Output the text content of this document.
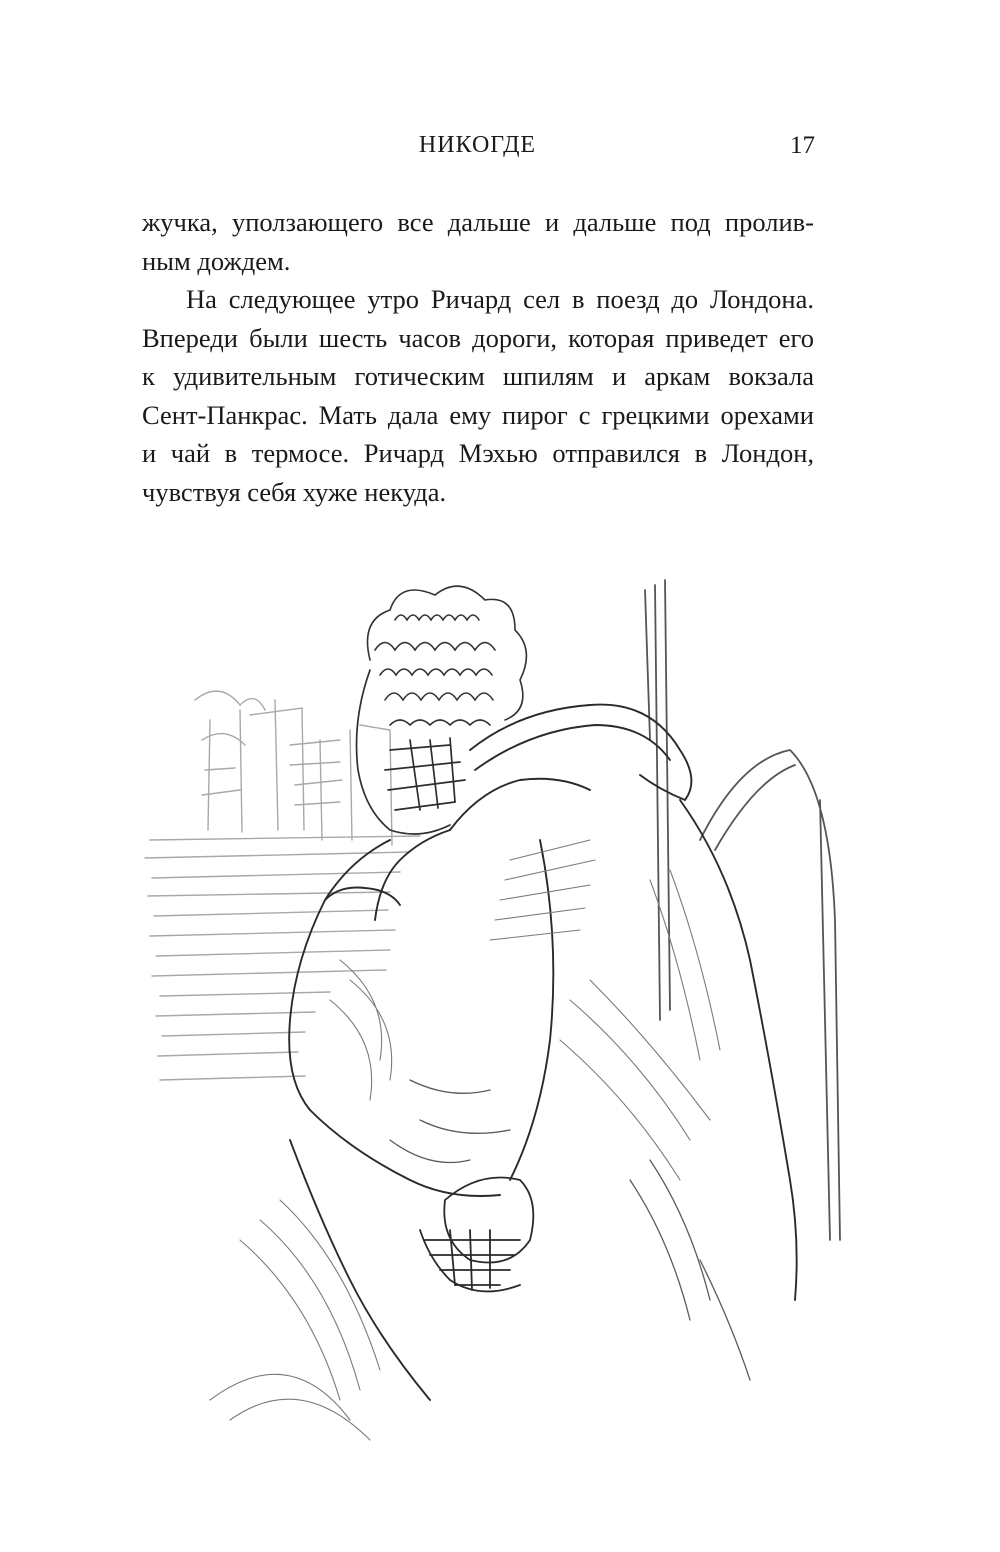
НИКОГДЕ	17

жучка, уползающего все дальше и дальше под пролив-
ным дождем.

На следующее утро Ричард сел в поезд до Лондона.
Впереди были шесть часов дороги, которая приведет его
к удивительным готическим шпилям и аркам вокзала
Сент-Панкрас. Мать дала ему пирог с грецкими орехами
и чай в термосе. Ричард Мэхью отправился в Лондон,
чувствуя себя хуже некуда.
